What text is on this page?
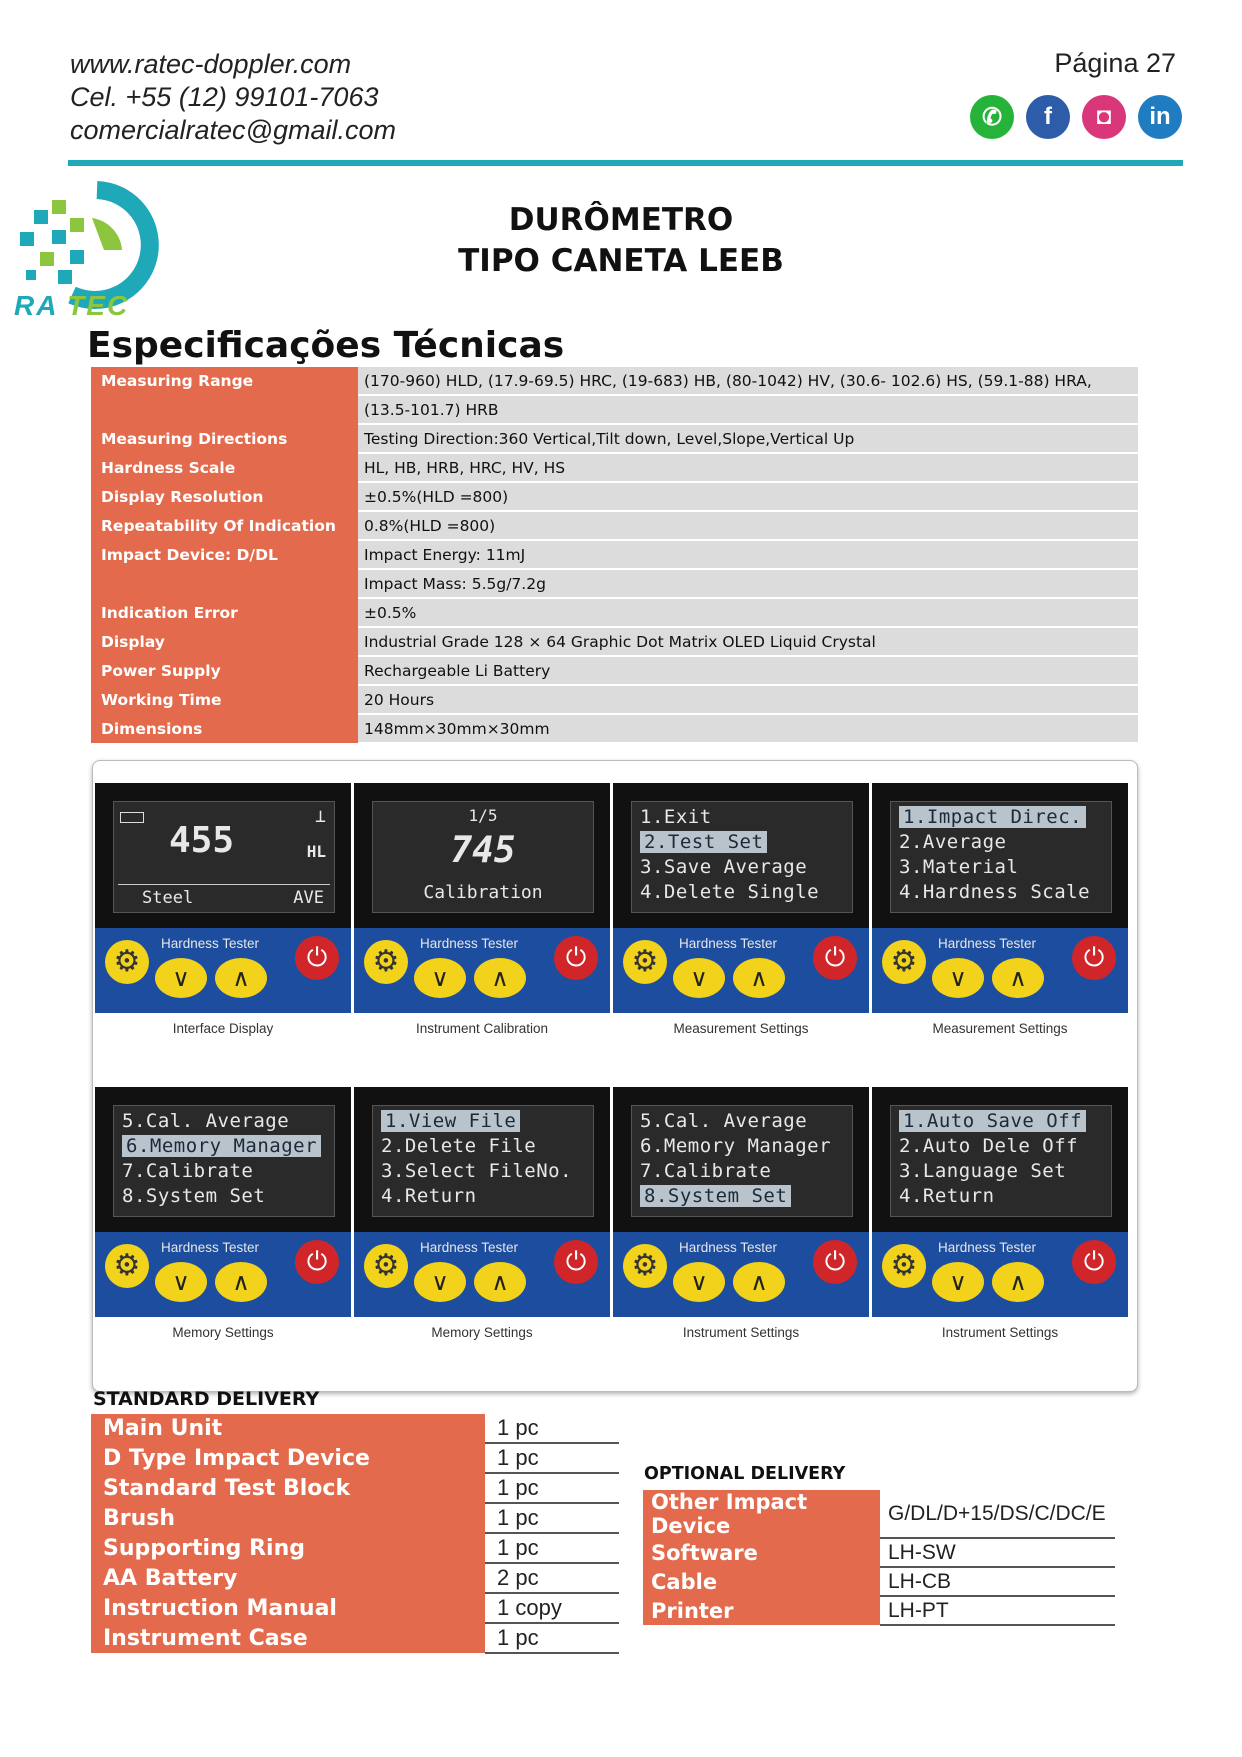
www.ratec-doppler.com
Cel. +55 (12) 99101-7063
comercialratec@gmail.com
Página 27
✆	f	◘	in
RA TEC
DURÔMETRO
TIPO CANETA LEEB
Especificações Técnicas
Measuring Range	(170-960) HLD, (17.9-69.5) HRC, (19-683) HB, (80-1042) HV, (30.6- 102.6) HS, (59.1-88) HRA,
	(13.5-101.7) HRB
Measuring Directions	Testing Direction:360 Vertical,Tilt down, Level,Slope,Vertical Up
Hardness Scale	HL, HB, HRB, HRC, HV, HS
Display Resolution	±0.5%(HLD =800)
Repeatability Of Indication	0.8%(HLD =800)
Impact Device: D/DL	Impact Energy: 11mJ
	Impact Mass: 5.5g/7.2g
Indication Error	±0.5%
Display	Industrial Grade 128 × 64 Graphic Dot Matrix OLED Liquid Crystal
Power Supply	Rechargeable Li Battery
Working Time	20 Hours
Dimensions	148mm×30mm×30mm
⊥
455	HL
Steel	AVE
Hardness Tester
⚙	∨	∧
⏻
Interface Display
1/5
745
Calibration
Hardness Tester
⚙	∨	∧
⏻
Instrument Calibration
1.Exit
2.Test Set
3.Save Average
4.Delete Single
Hardness Tester
⚙	∨	∧
⏻
Measurement Settings
1.Impact Direc.
2.Average
3.Material
4.Hardness Scale
Hardness Tester
⚙	∨	∧
⏻
Measurement Settings
5.Cal. Average
6.Memory Manager
7.Calibrate
8.System Set
Hardness Tester
⚙	∨	∧
⏻
Memory Settings
1.View File
2.Delete File
3.Select FileNo.
4.Return
Hardness Tester
⚙	∨	∧
⏻
Memory Settings
5.Cal. Average
6.Memory Manager
7.Calibrate
8.System Set
Hardness Tester
⚙	∨	∧
⏻
Instrument Settings
1.Auto Save Off
2.Auto Dele Off
3.Language Set
4.Return
Hardness Tester
⚙	∨	∧
⏻
Instrument Settings
STANDARD DELIVERY
Main Unit	1 pc
D Type Impact Device	1 pc
Standard Test Block	1 pc
Brush	1 pc
Supporting Ring	1 pc
AA Battery	2 pc
Instruction Manual	1 copy
Instrument Case	1 pc
OPTIONAL DELIVERY
Other Impact Device	G/DL/D+15/DS/C/DC/E
Software	LH-SW
Cable	LH-CB
Printer	LH-PT
